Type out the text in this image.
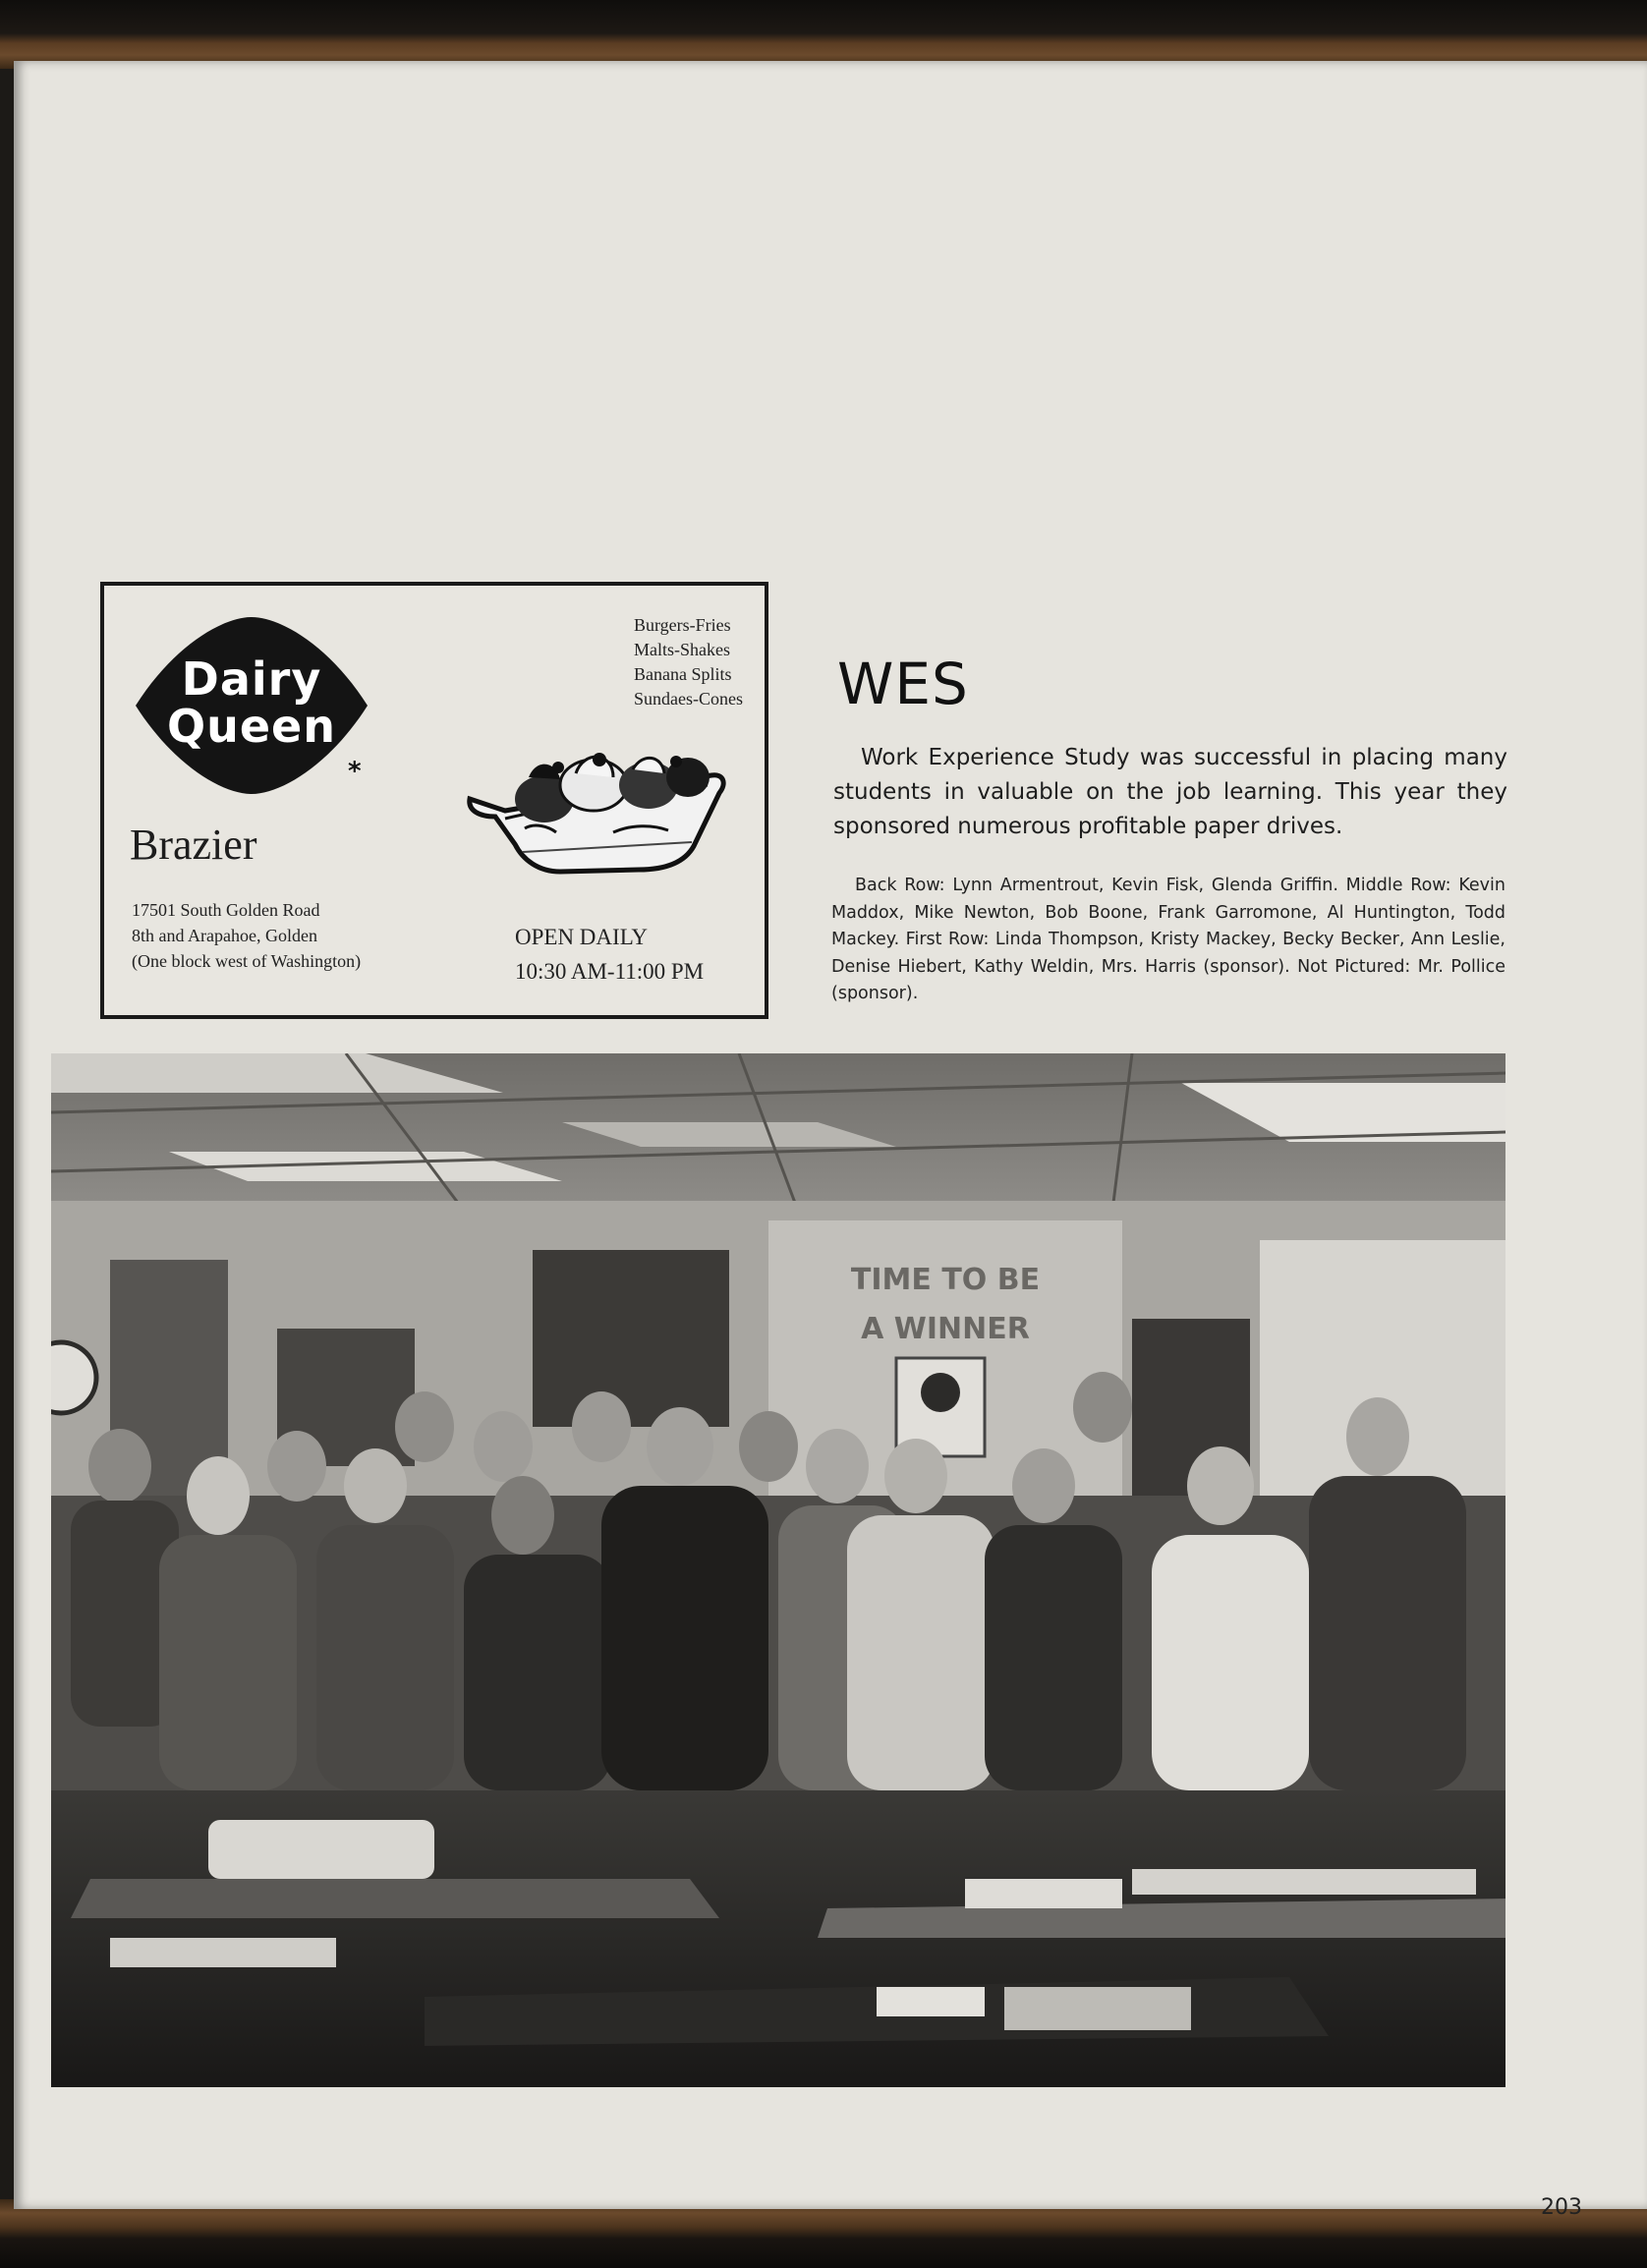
Dairy
Queen
*
Burgers-Fries
Malts-Shakes
Banana Splits
Sundaes-Cones
Brazier
17501 South Golden Road
8th and Arapahoe, Golden
(One block west of Washington)
OPEN DAILY
10:30 AM-11:00 PM
WES
Work Experience Study was successful in placing many students in valuable on the job learning. This year they sponsored numerous profitable paper drives.
Back Row: Lynn Armentrout, Kevin Fisk, Glenda Griffin. Middle Row: Kevin Maddox, Mike Newton, Bob Boone, Frank Garromone, Al Huntington, Todd Mackey. First Row: Linda Thompson, Kristy Mackey, Becky Becker, Ann Leslie, Denise Hiebert, Kathy Weldin, Mrs. Harris (sponsor). Not Pictured: Mr. Pollice (sponsor).
TIME TO BE
A WINNER
203
